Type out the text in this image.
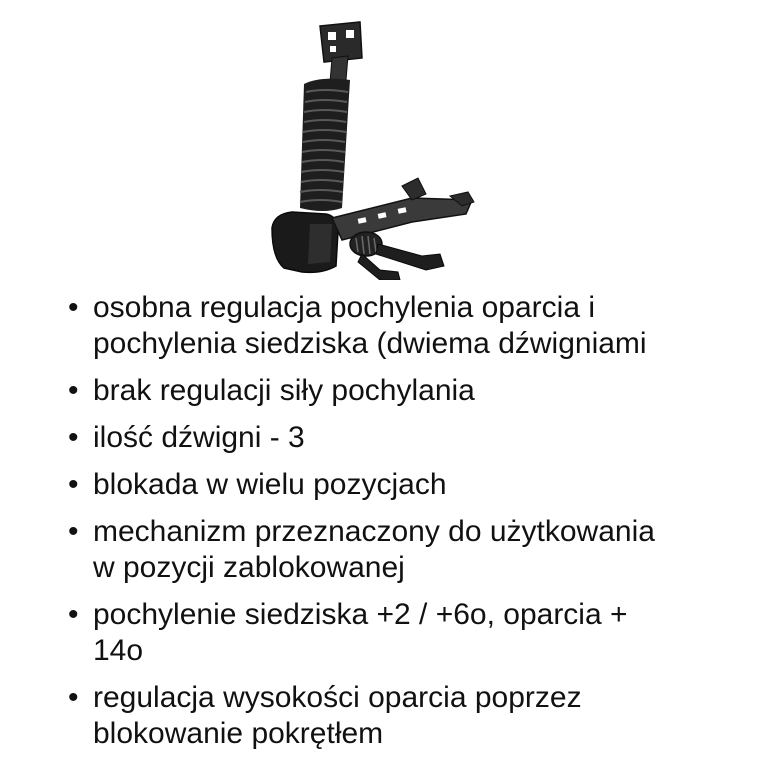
• osobna regulacja pochylenia oparcia i
pochylenia siedziska (dwiema dźwigniami
• brak regulacji siły pochylania
• ilość dźwigni - 3
• blokada w wielu pozycjach
• mechanizm przeznaczony do użytkowania
w pozycji zablokowanej
• pochylenie siedziska +2 / +6o, oparcia +
14o
• regulacja wysokości oparcia poprzez
blokowanie pokrętłem
